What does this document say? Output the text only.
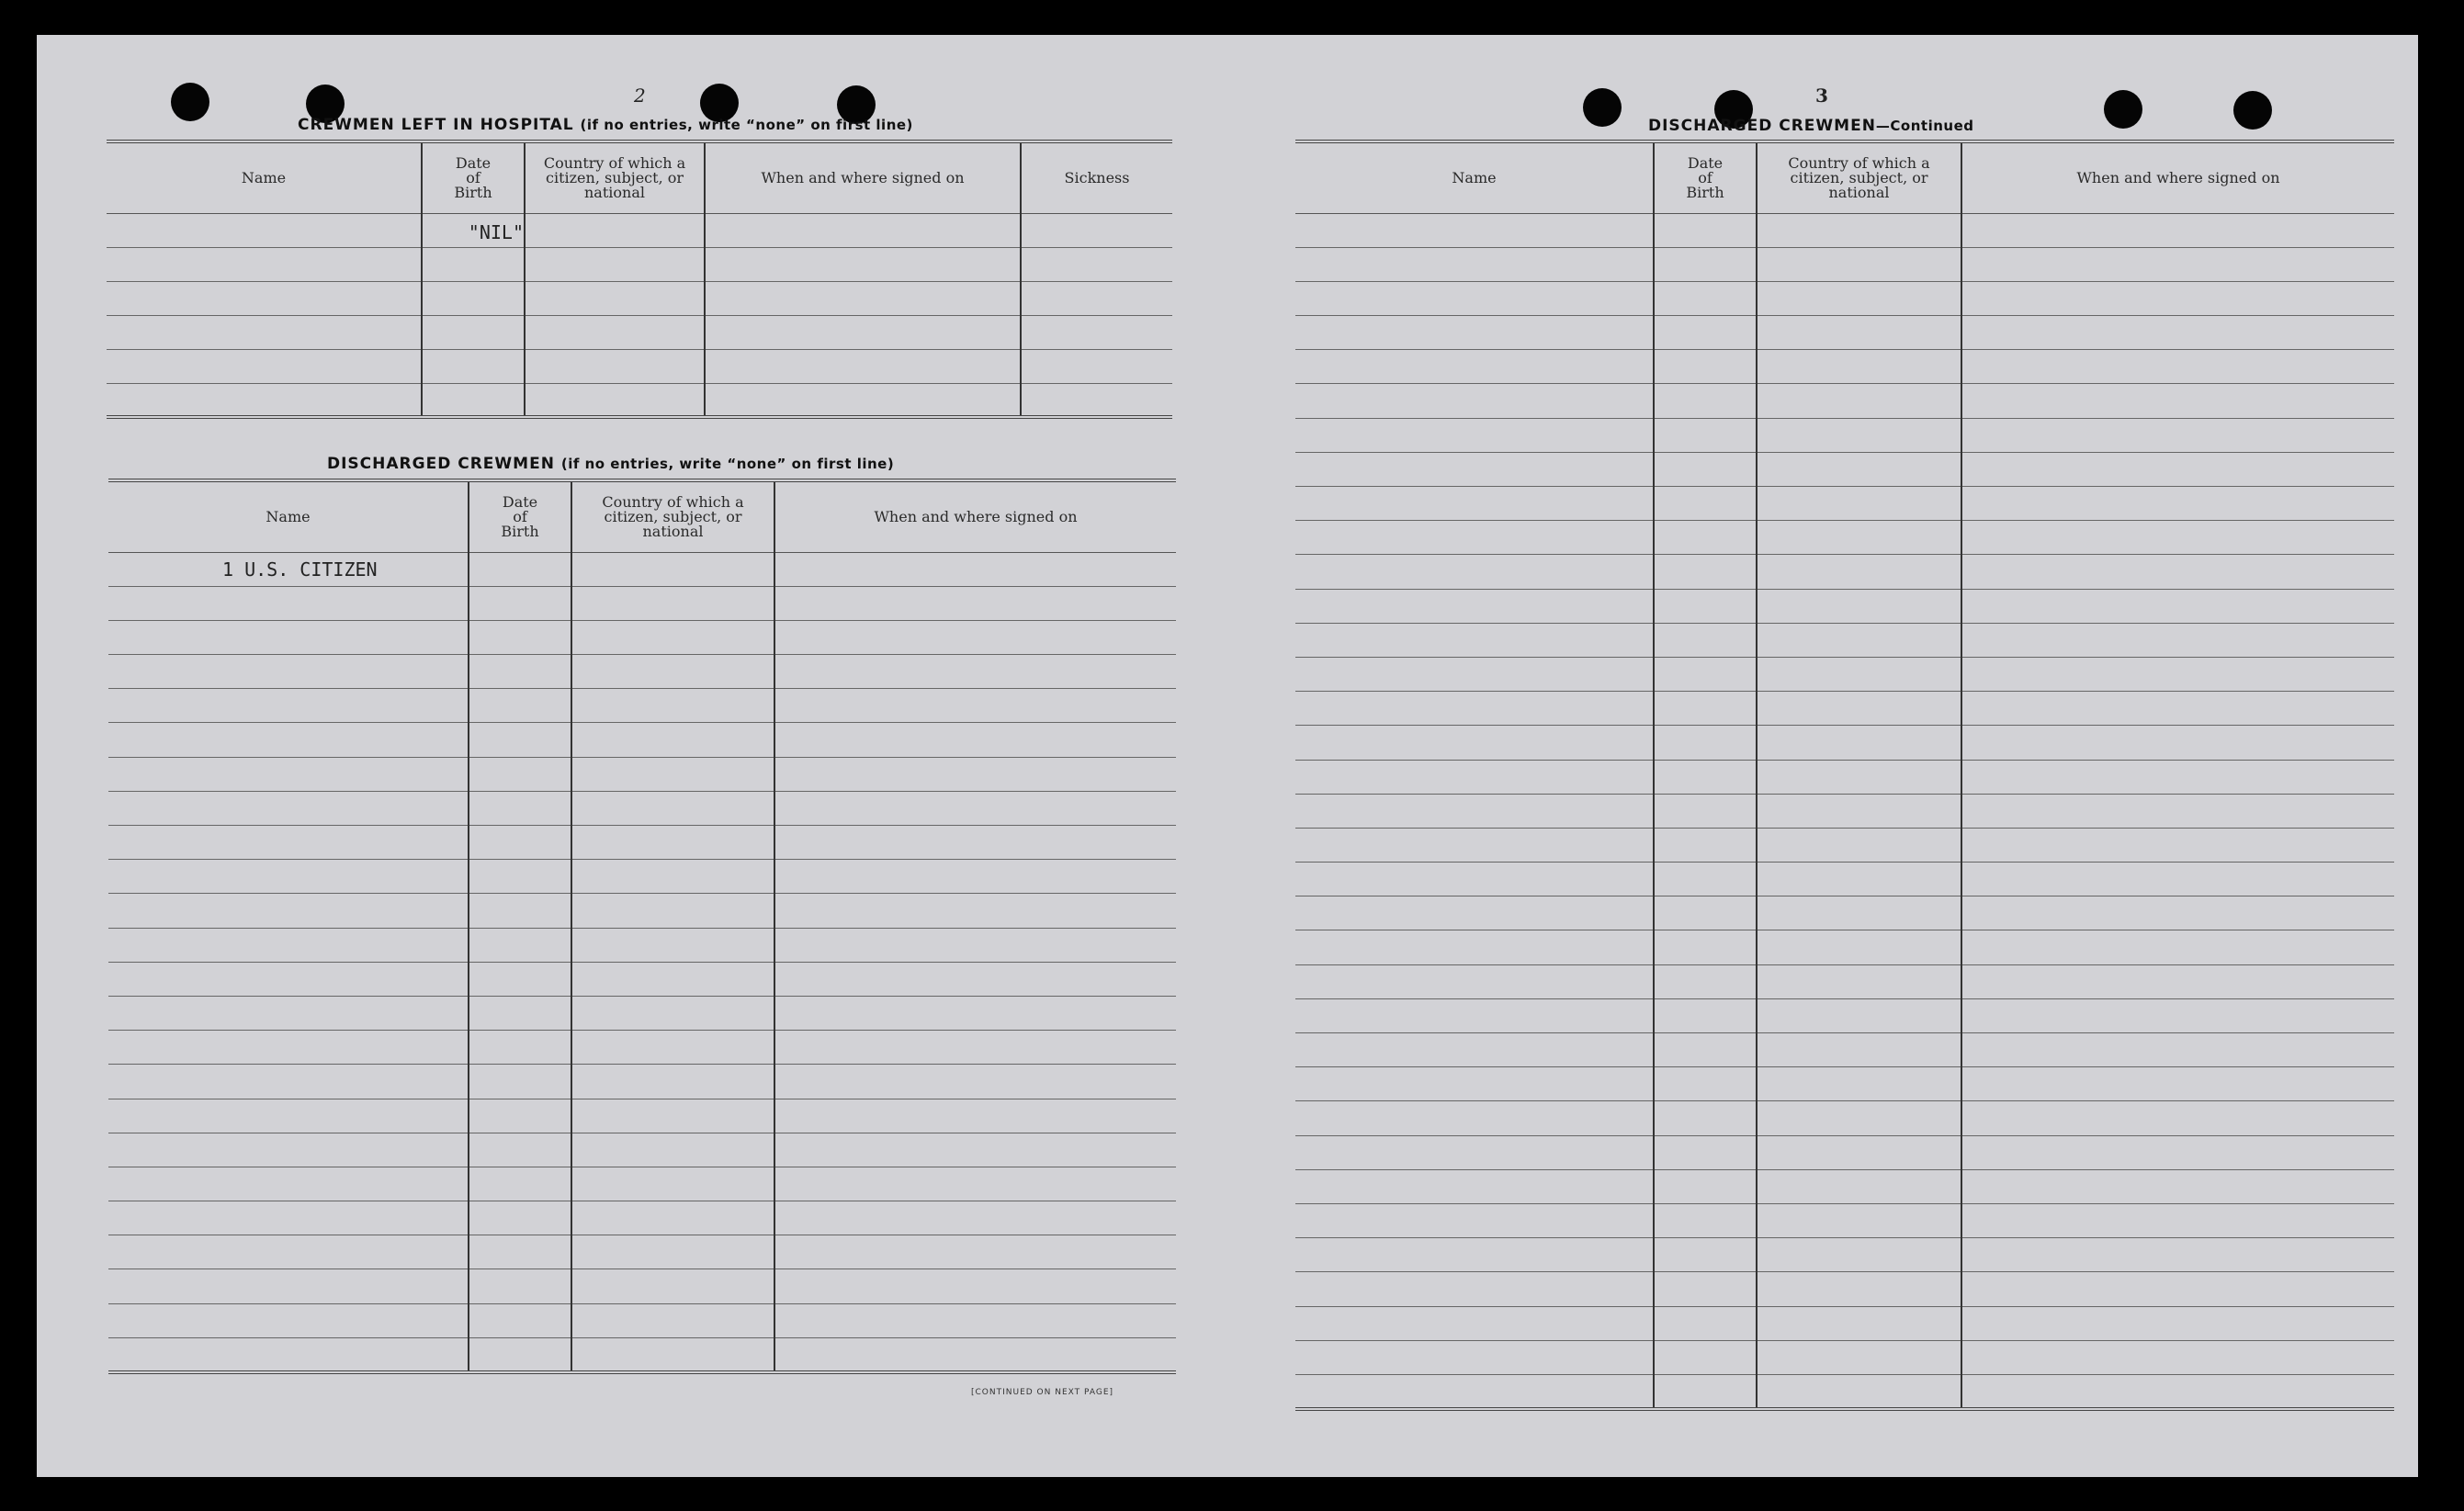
2
CREWMEN LEFT IN HOSPITAL (if no entries, write “none” on first line)
Name	Date
of
Birth	Country of which a
citizen, subject, or
national	When and where signed on	Sickness
	"NIL"			

DISCHARGED CREWMEN (if no entries, write “none” on first line)
Name	Date
of
Birth	Country of which a
citizen, subject, or
national	When and where signed on
1 U.S. CITIZEN			

[CONTINUED ON NEXT PAGE]
3
DISCHARGED CREWMEN—Continued
Name	Date
of
Birth	Country of which a
citizen, subject, or
national	When and where signed on
